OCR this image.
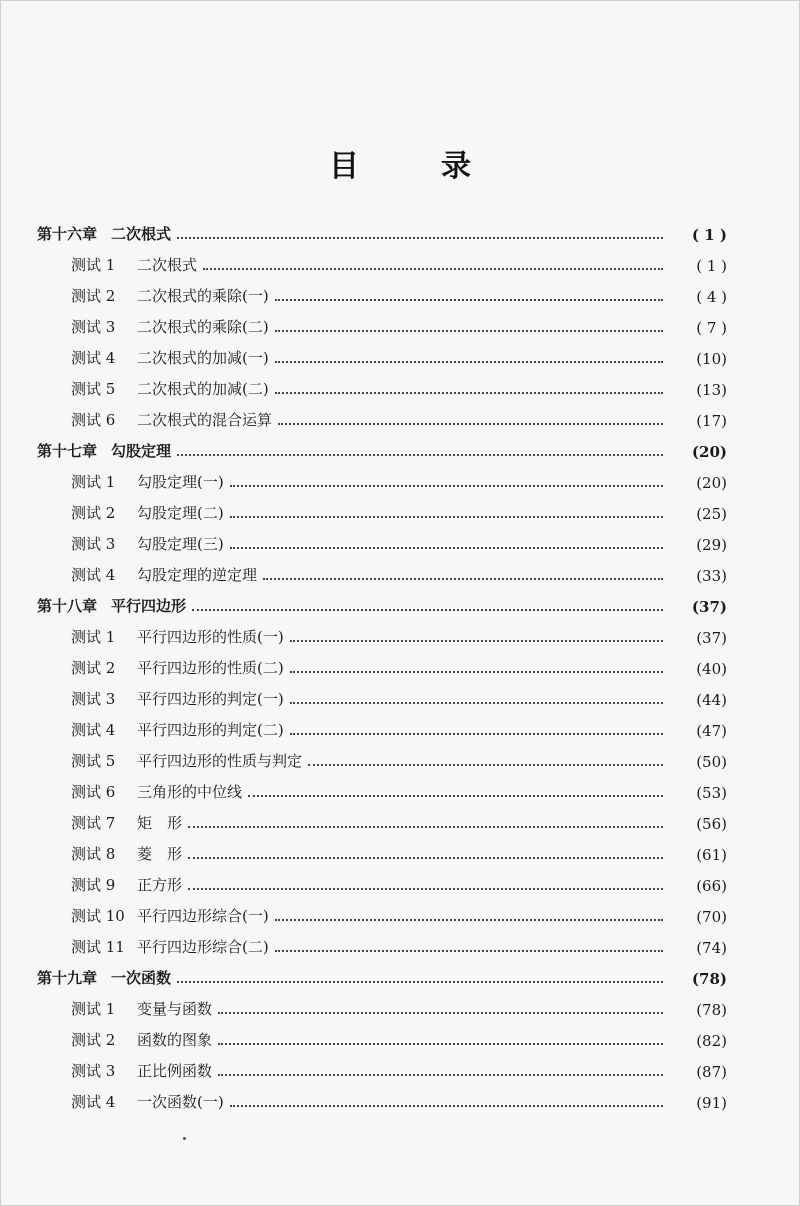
目	录
第十六章 二次根式	( 1 )
测试 1 二次根式	( 1 )
测试 2 二次根式的乘除(一)	( 4 )
测试 3 二次根式的乘除(二)	( 7 )
测试 4 二次根式的加减(一)	(10)
测试 5 二次根式的加减(二)	(13)
测试 6 二次根式的混合运算	(17)
第十七章 勾股定理	(20)
测试 1 勾股定理(一)	(20)
测试 2 勾股定理(二)	(25)
测试 3 勾股定理(三)	(29)
测试 4 勾股定理的逆定理	(33)
第十八章 平行四边形	(37)
测试 1 平行四边形的性质(一)	(37)
测试 2 平行四边形的性质(二)	(40)
测试 3 平行四边形的判定(一)	(44)
测试 4 平行四边形的判定(二)	(47)
测试 5 平行四边形的性质与判定	(50)
测试 6 三角形的中位线	(53)
测试 7 矩　形	(56)
测试 8 菱　形	(61)
测试 9 正方形	(66)
测试 10 平行四边形综合(一)	(70)
测试 11 平行四边形综合(二)	(74)
第十九章 一次函数	(78)
测试 1 变量与函数	(78)
测试 2 函数的图象	(82)
测试 3 正比例函数	(87)
测试 4 一次函数(一)	(91)
